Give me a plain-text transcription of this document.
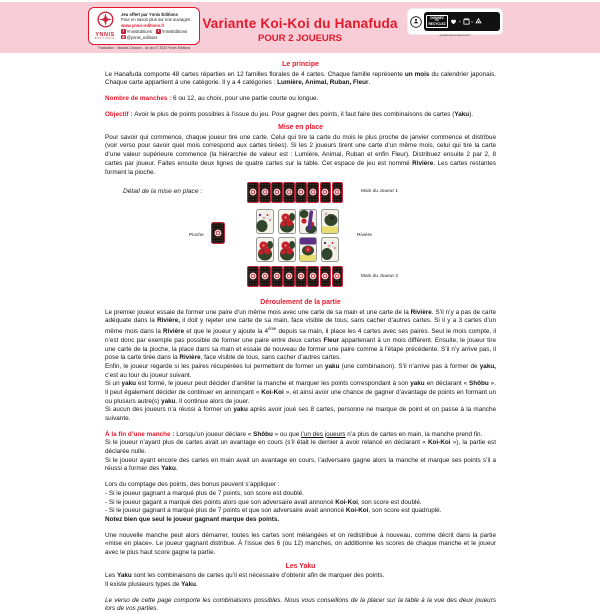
YNNIS
ÉDITIONS
Jeu offert par Ynnis Éditions
Pour en savoir plus sur nos ouvrages :
www.ynnis-editions.fr
f YnnisEditions
	t YnnisEditions
◎ @ynnis_editions
Traduction : Nicolas Chason - Un jeu © 2023 Ynnis Éditions
Variante Koi-Koi du Hanafuda
POUR 2 JOUEURS
DONNEZ
OU
RECYCLEZ	+	=
quefairedemesdechets.fr
Le principe

Le Hanafuda comporte 48 cartes réparties en 12 familles florales de 4 cartes. Chaque famille représente un mois du calendrier japonais. Chaque carte appartient à une catégorie. Il y a 4 catégories : Lumière, Animal, Ruban, Fleur.

Nombre de manches : 6 ou 12, au choix, pour une partie courte ou longue.

Objectif : Avoir le plus de points possibles à l’issue du jeu. Pour gagner des points, il faut faire des combinaisons de cartes (Yaku).

Mise en place

Pour savoir qui commence, chaque joueur tire une carte. Celui qui tire la carte du mois le plus proche de janvier commence et distribue (voir verso pour savoir quel mois correspond aux cartes tirées). Si les 2 joueurs tirent une carte d’un même mois, celui qui tire la carte d’une valeur supérieure commence (la hiérarchie de valeur est : Lumière, Animal, Ruban et enfin Fleur). Distribuez ensuite 2 par 2, 8 cartes par joueur. Faites ensuite deux lignes de quatre cartes sur la table. Cet espace de jeu est nommé Rivière. Les cartes restantes forment la pioche.

Détail de la mise en place :	Main du Joueur 1
Pioche	Rivière
Main du Joueur 2
Déroulement de la partie

Le premier joueur essaie de former une paire d’un même mois avec une carte de sa main et une carte de la Rivière. S’il n’y a pas de carte adéquate dans la Rivière, il doit y rejeter une carte de sa main, face visible de tous, sans cacher d’autres cartes. Si il y a 3 cartes d’un même mois dans la Rivière et que le joueur y ajoute la 4ème depuis sa main, il place les 4 cartes avec ses paires. Seul le mois compte, il n’est donc par exemple pas possible de former une paire entre deux cartes Fleur appartenant à un mois différent. Ensuite, le joueur tire une carte de la pioche, la place dans sa main et essaie de nouveau de former une paire comme à l’étape précédente. S’il n’y arrive pas, il pose la carte tirée dans la Rivière, face visible de tous, sans cacher d’autres cartes.

Enfin, le joueur regarde si les paires récupérées lui permettent de former un yaku (une combinaison). S’il n’arrive pas à former de yaku, c’est au tour du joueur suivant.

Si un yaku est formé, le joueur peut décider d’arrêter la manche et marquer les points correspondant à son yaku en déclarant « Shôbu ». Il peut également décider de continuer en annonçant « Koi-Koi », et ainsi avoir une chance de gagner d’avantage de points en formant un ou plusiurs autre(s) yaku. Il continue alors de jouer.

Si aucun des joueurs n’a réussi à former un yaku après avoir joué ses 8 cartes, personne ne marque de point et on passe à la manche suivante.

À la fin d’une manche : Lorsqu’un joueur déclare « Shôbu » ou que l’un des joueurs n’a plus de cartes en main, la manche prend fin.

Si le joueur n’ayant plus de cartes avait un avantage en cours (s’il était le dernier à avoir relancé en déclarant « Koi-Koi »), la partie est déclarée nulle.

Si le joueur ayant encore des cartes en main avait un avantage en cours, l’adversaire gagne alors la manche et marque ses points s’il a réussi a former des Yaku.

Lors du comptage des points, des bonus peuvent s’appliquer :

- Si le joueur gagnant a marqué plus de 7 points, son score est doublé.

- Si le joueur gagant a marqué des points alors que son adversaire avait annoncé Koi-Koi, son score est doublé.

- Si le joueur gagnant a marqué plus de 7 points et que son adversaire avait annoncé Koi-Koi, son score est quadruplé.

Notez bien que seul le joueur gagnant marque des points.

Une nouvelle manche peut alors démarrer, toutes les cartes sont mélangées et on redistribue à nouveau, comme décrit dans la partie «mise en place». Le joueur gagnant distribue. À l’issue des 6 (ou 12) manches, on additionne les scores de chaque manche et le joueur avec le plus haut score gagne la partie.

Les Yaku

Les Yaku sont les combinaisons de cartes qu’il est nécessaire d’obtenir afin de marquer des points.

Il existe plusieurs types de Yaku.

Le verso de cette page comporte les combinaisons possibles. Nous vous conseillons de la placer sur la table à la vue des deux joueurs lors de vos parties.
